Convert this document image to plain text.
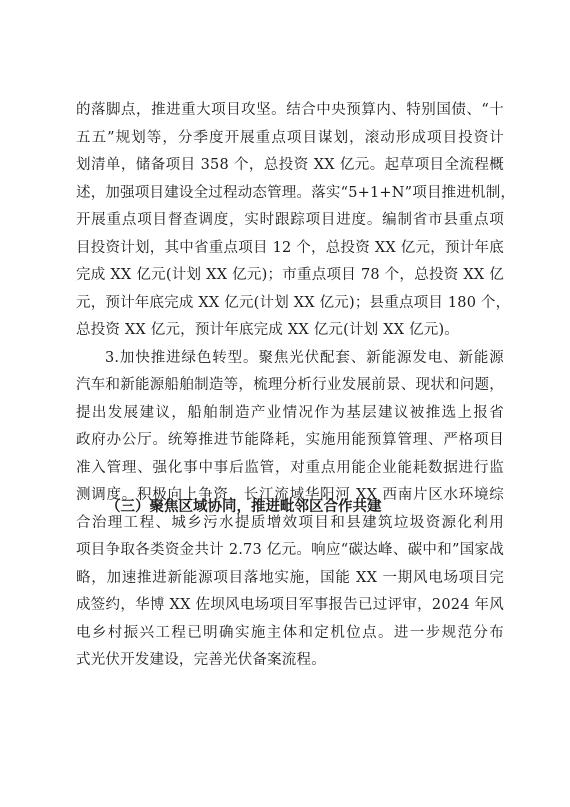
的落脚点，推进重大项目攻坚。结合中央预算内、特别国债、“十
五五”规划等，分季度开展重点项目谋划，滚动形成项目投资计
划清单，储备项目 358 个，总投资 XX 亿元。起草项目全流程概
述，加强项目建设全过程动态管理。落实“5+1+N”项目推进机制，
开展重点项目督查调度，实时跟踪项目进度。编制省市县重点项
目投资计划，其中省重点项目 12 个，总投资 XX 亿元，预计年底
完成 XX 亿元(计划 XX 亿元)；市重点项目 78 个，总投资 XX 亿
元，预计年底完成 XX 亿元(计划 XX 亿元)；县重点项目 180 个，
总投资 XX 亿元，预计年底完成 XX 亿元(计划 XX 亿元)。
3.加快推进绿色转型。聚焦光伏配套、新能源发电、新能源
汽车和新能源船舶制造等，梳理分析行业发展前景、现状和问题，
提出发展建议，船舶制造产业情况作为基层建议被推选上报省
政府办公厅。统筹推进节能降耗，实施用能预算管理、严格项目
准入管理、强化事中事后监管，对重点用能企业能耗数据进行监
测调度。积极向上争资，长江流域华阳河 XX 西南片区水环境综
合治理工程、城乡污水提质增效项目和县建筑垃圾资源化利用
项目争取各类资金共计 2.73 亿元。响应“碳达峰、碳中和”国家战
略，加速推进新能源项目落地实施，国能 XX 一期风电场项目完
成签约，华博 XX 佐坝风电场项目军事报告已过评审，2024 年风
电乡村振兴工程已明确实施主体和定机位点。进一步规范分布
式光伏开发建设，完善光伏备案流程。
（三）聚焦区域协同，推进毗邻区合作共建
